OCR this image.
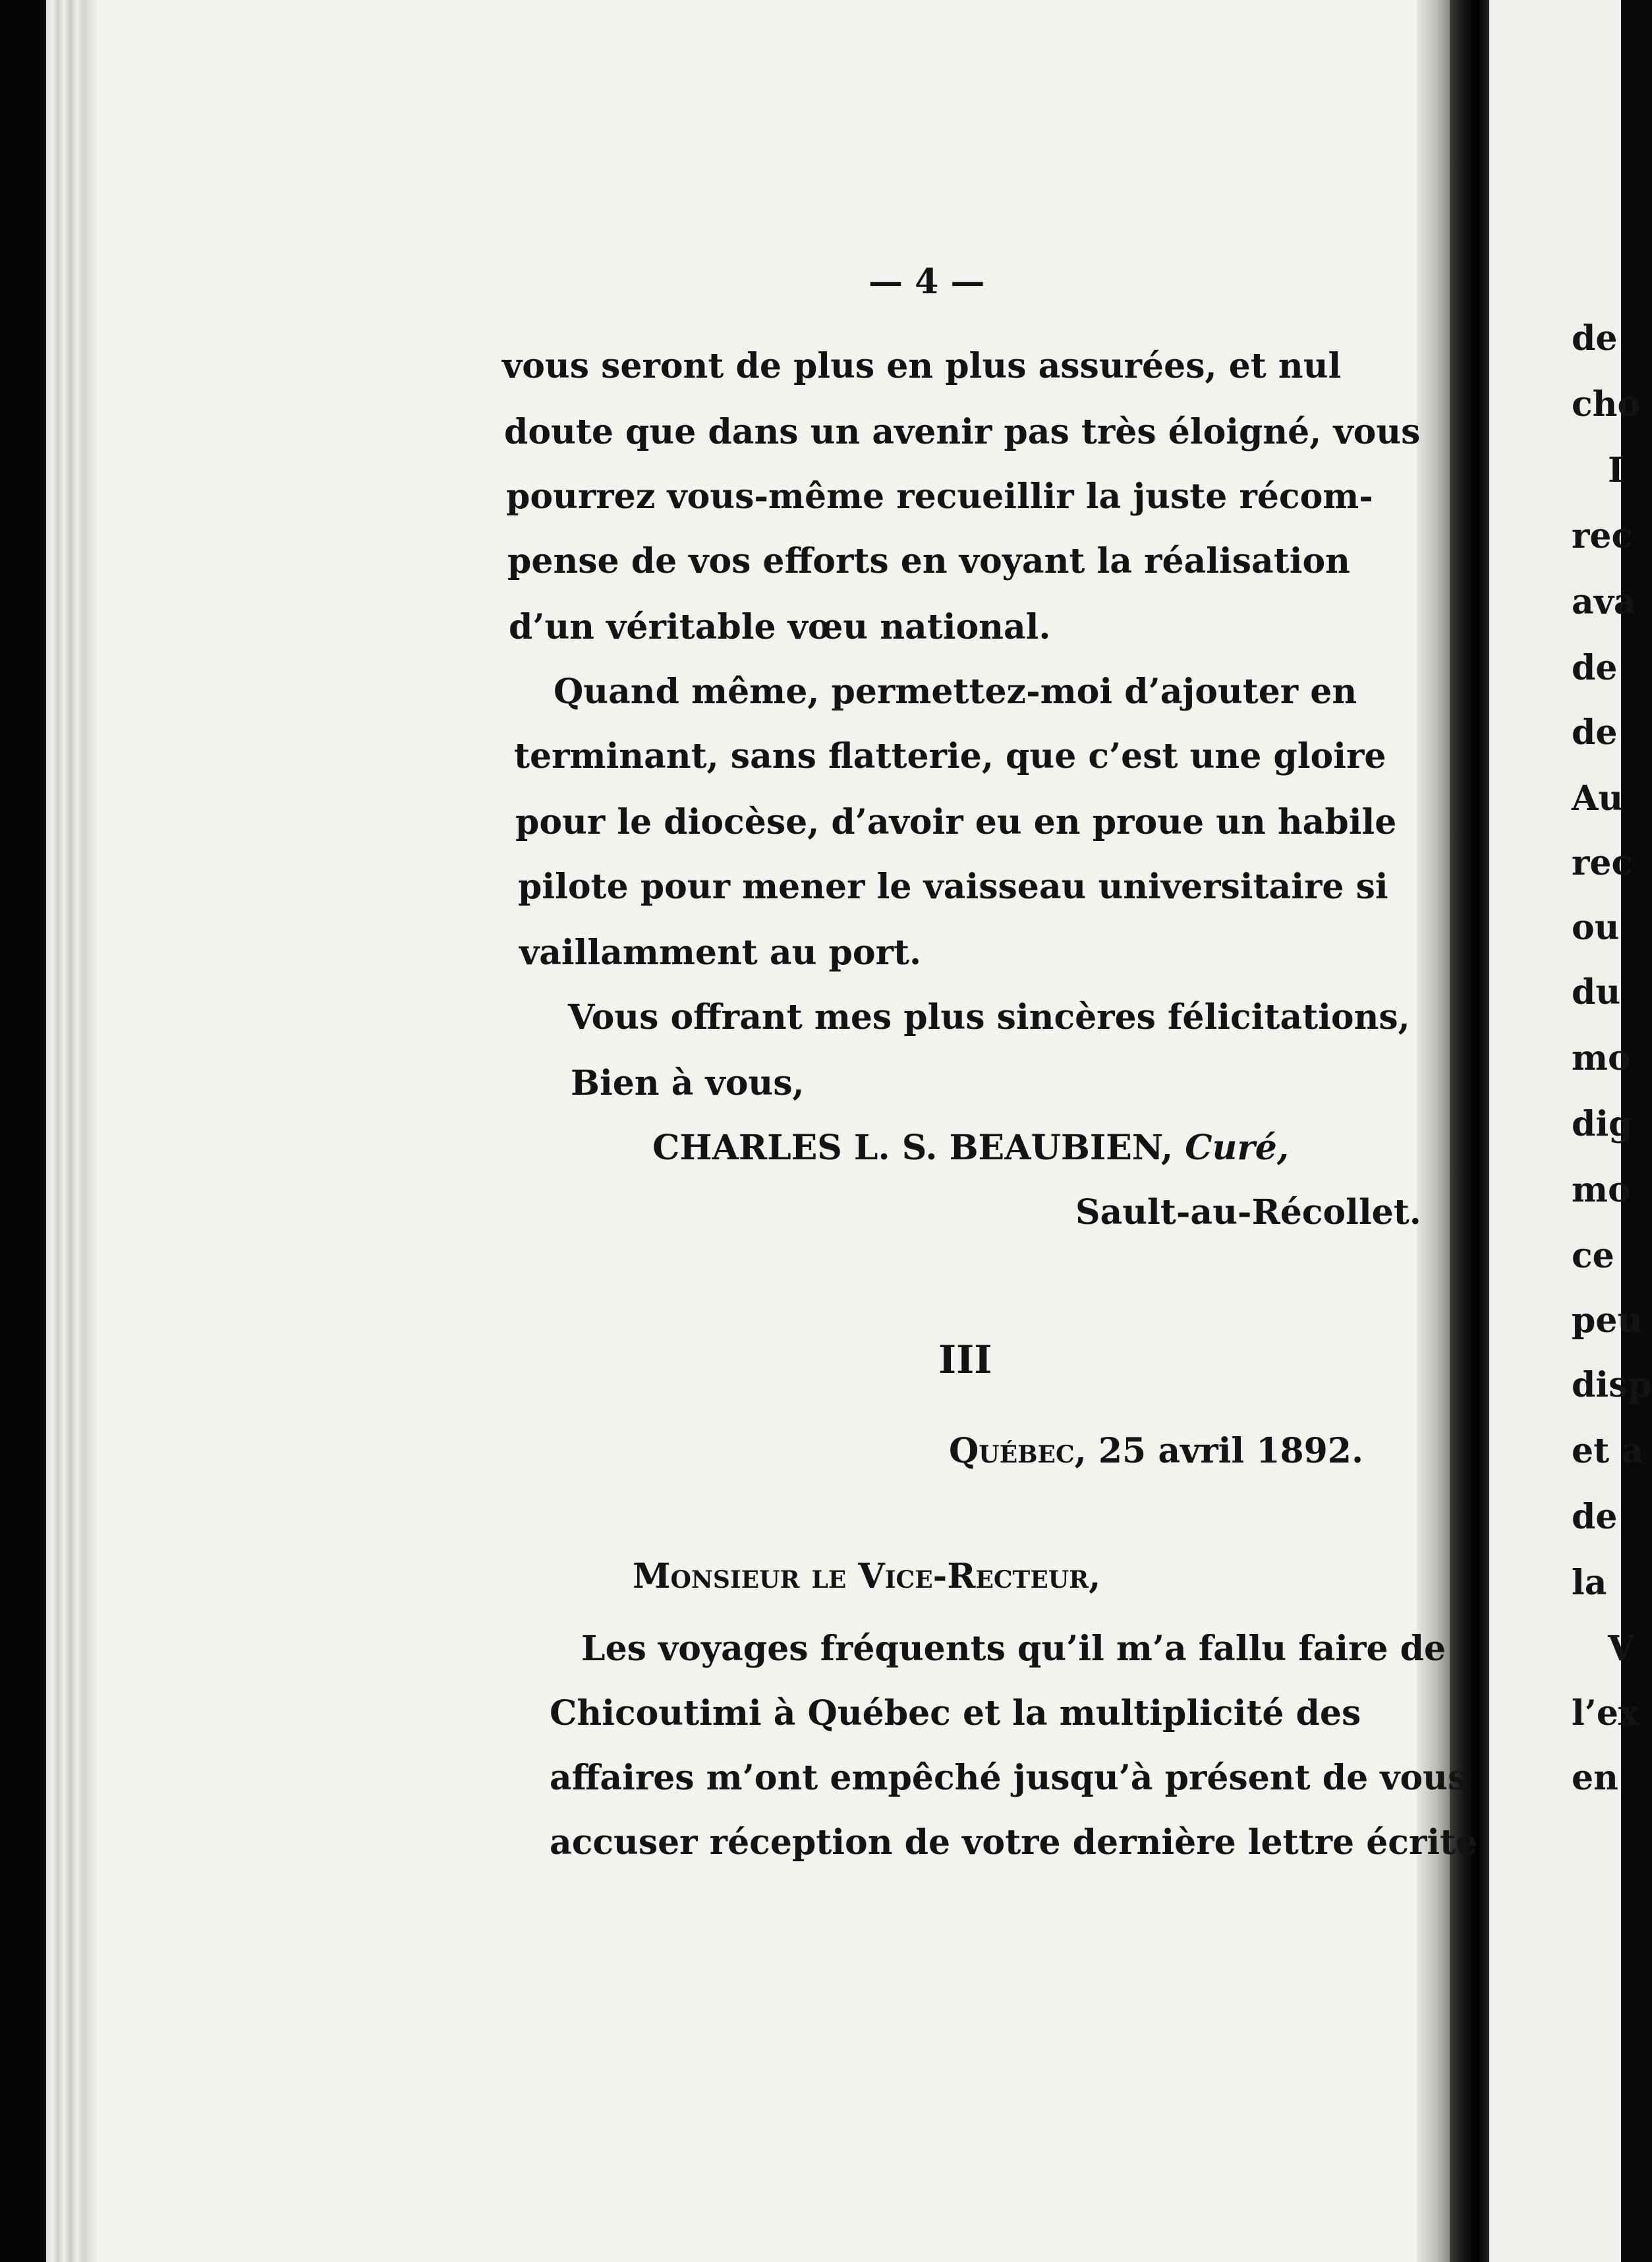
— 4 —
vous seront de plus en plus assurées, et nul
doute que dans un avenir pas très éloigné, vous
pourrez vous-même recueillir la juste récom-
pense de vos efforts en voyant la réalisation
d’un véritable vœu national.
Quand même, permettez-moi d’ajouter en
terminant, sans flatterie, que c’est une gloire
pour le diocèse, d’avoir eu en proue un habile
pilote pour mener le vaisseau universitaire si
vaillamment au port.
Vous offrant mes plus sincères félicitations,
Bien à vous,
CHARLES L. S. BEAUBIEN, Curé,
Sault-au-Récollet.
III
Québec, 25 avril 1892.
Monsieur le Vice-Recteur,
Les voyages fréquents qu’il m’a fallu faire de
Chicoutimi à Québec et la multiplicité des
affaires m’ont empêché jusqu’à présent de vous
accuser réception de votre dernière lettre écrite
de
cho
I
rec
ava
de
de
Au
rec
ou
du
mo
dig
mo
ce
peu
disp
et a
de
la
V
l’ex
en
